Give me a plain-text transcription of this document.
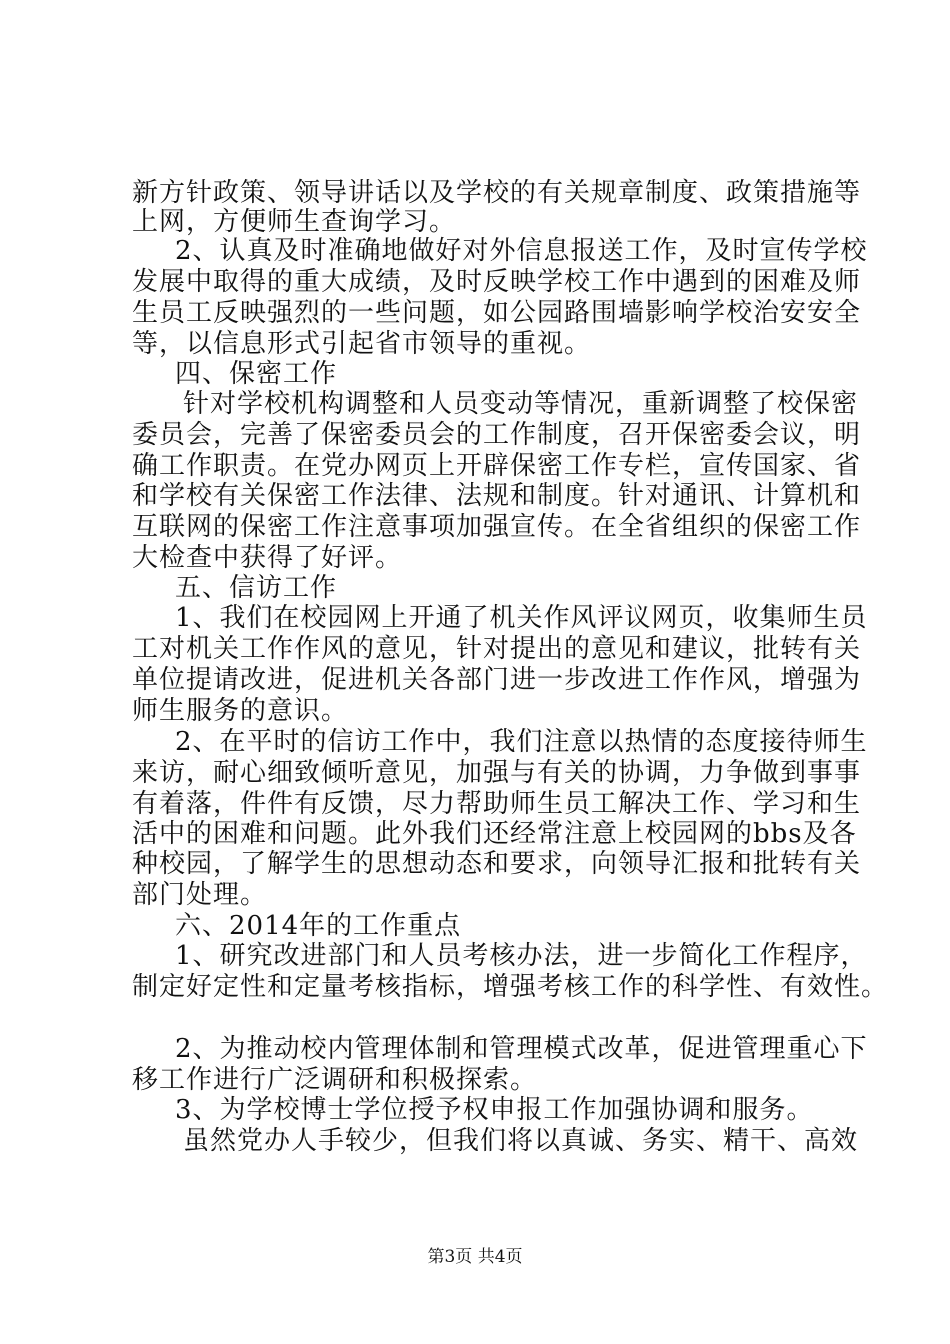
新方针政策、领导讲话以及学校的有关规章制度、政策措施等
上网，方便师生查询学习。
2、认真及时准确地做好对外信息报送工作，及时宣传学校
发展中取得的重大成绩，及时反映学校工作中遇到的困难及师
生员工反映强烈的一些问题，如公园路围墙影响学校治安安全
等，以信息形式引起省市领导的重视。
四、保密工作
针对学校机构调整和人员变动等情况，重新调整了校保密
委员会，完善了保密委员会的工作制度，召开保密委会议，明
确工作职责。在党办网页上开辟保密工作专栏，宣传国家、省
和学校有关保密工作法律、法规和制度。针对通讯、计算机和
互联网的保密工作注意事项加强宣传。在全省组织的保密工作
大检查中获得了好评。
五、信访工作
1、我们在校园网上开通了机关作风评议网页，收集师生员
工对机关工作作风的意见，针对提出的意见和建议，批转有关
单位提请改进，促进机关各部门进一步改进工作作风，增强为
师生服务的意识。
2、在平时的信访工作中，我们注意以热情的态度接待师生
来访，耐心细致倾听意见，加强与有关的协调，力争做到事事
有着落，件件有反馈，尽力帮助师生员工解决工作、学习和生
活中的困难和问题。此外我们还经常注意上校园网的bbs及各
种校园，了解学生的思想动态和要求，向领导汇报和批转有关
部门处理。
六、2014年的工作重点
1、研究改进部门和人员考核办法，进一步简化工作程序，
制定好定性和定量考核指标，增强考核工作的科学性、有效性。
2、为推动校内管理体制和管理模式改革，促进管理重心下
移工作进行广泛调研和积极探索。
3、为学校博士学位授予权申报工作加强协调和服务。
虽然党办人手较少，但我们将以真诚、务实、精干、高效
第3页 共4页
